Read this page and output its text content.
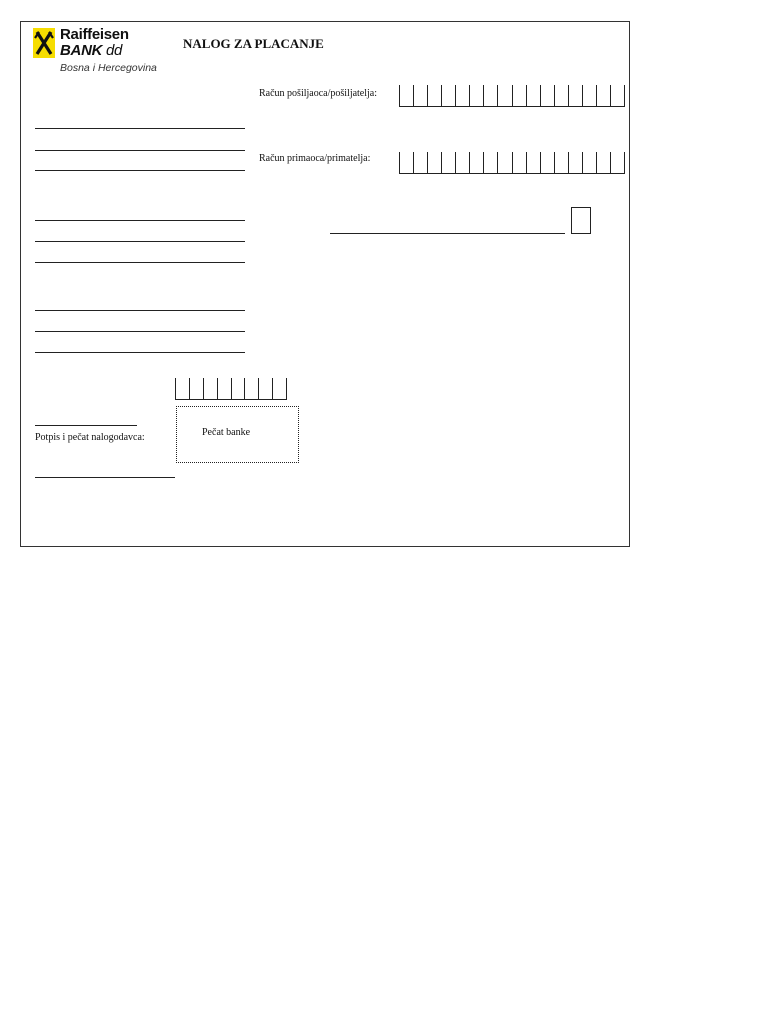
Raiffeisen
BANK dd
Bosna i Hercegovina
NALOG ZA PLACANJE
Račun pošiljaoca/pošiljatelja:
Račun primaoca/primatelja:
Potpis i pečat nalogodavca:	Pečat banke
